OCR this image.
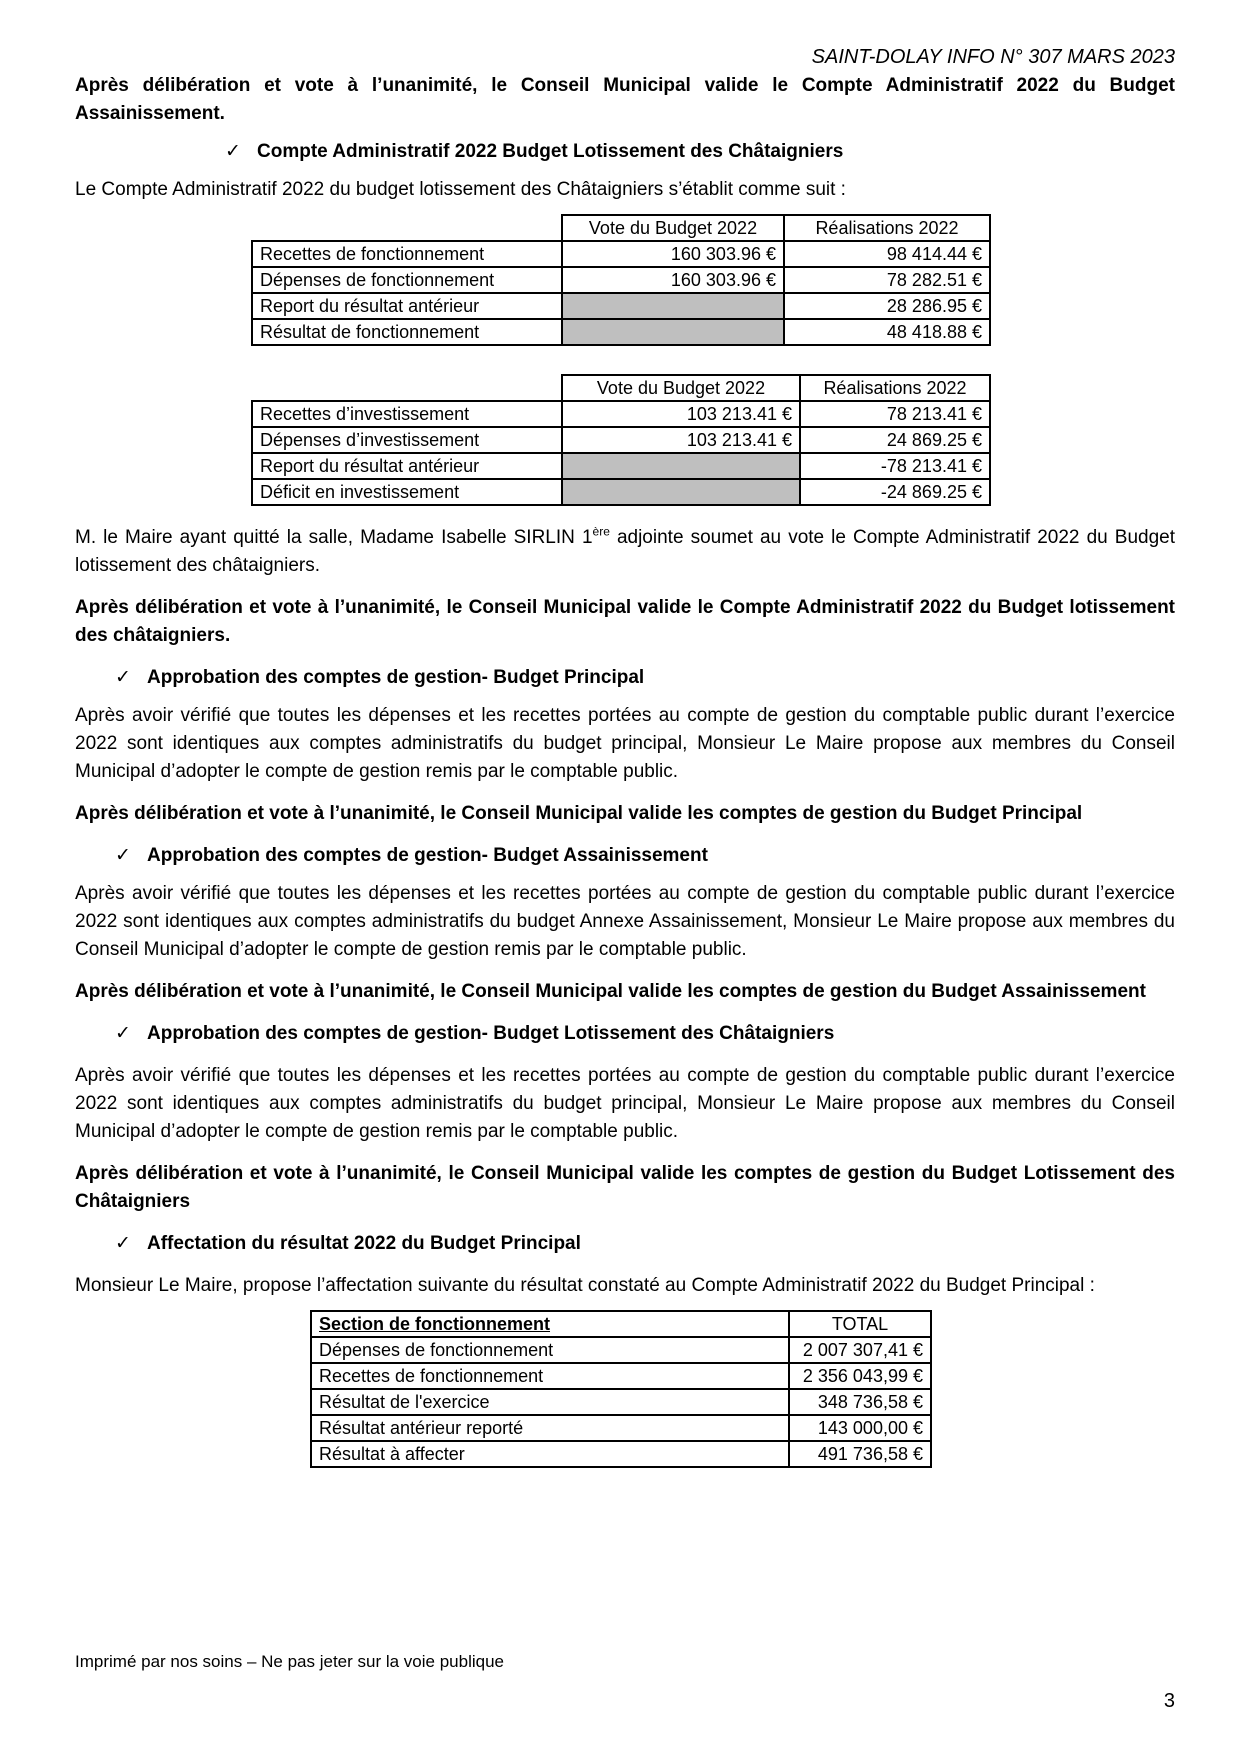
SAINT-DOLAY INFO N° 307 MARS 2023

Après délibération et vote à l’unanimité, le Conseil Municipal valide le Compte Administratif 2022 du Budget Assainissement.

✓ Compte Administratif 2022 Budget Lotissement des Châtaigniers

Le Compte Administratif 2022 du budget lotissement des Châtaigniers s’établit comme suit :

	Vote du Budget 2022	Réalisations 2022
Recettes de fonctionnement	160 303.96 €	98 414.44 €
Dépenses de fonctionnement	160 303.96 €	78 282.51 €
Report du résultat antérieur		28 286.95 €
Résultat de fonctionnement		48 418.88 €
	Vote du Budget 2022	Réalisations 2022
Recettes d’investissement	103 213.41 €	78 213.41 €
Dépenses d’investissement	103 213.41 €	24 869.25 €
Report du résultat antérieur		-78 213.41 €
Déficit en investissement		-24 869.25 €

M. le Maire ayant quitté la salle, Madame Isabelle SIRLIN 1ère adjointe soumet au vote le Compte Administratif 2022 du Budget lotissement des châtaigniers.

Après délibération et vote à l’unanimité, le Conseil Municipal valide le Compte Administratif 2022 du Budget lotissement des châtaigniers.

✓ Approbation des comptes de gestion- Budget Principal

Après avoir vérifié que toutes les dépenses et les recettes portées au compte de gestion du comptable public durant l’exercice 2022 sont identiques aux comptes administratifs du budget principal, Monsieur Le Maire propose aux membres du Conseil Municipal d’adopter le compte de gestion remis par le comptable public.

Après délibération et vote à l’unanimité, le Conseil Municipal valide les comptes de gestion du Budget Principal

✓ Approbation des comptes de gestion- Budget Assainissement

Après avoir vérifié que toutes les dépenses et les recettes portées au compte de gestion du comptable public durant l’exercice 2022 sont identiques aux comptes administratifs du budget Annexe Assainissement, Monsieur Le Maire propose aux membres du Conseil Municipal d’adopter le compte de gestion remis par le comptable public.

Après délibération et vote à l’unanimité, le Conseil Municipal valide les comptes de gestion du Budget Assainissement

✓ Approbation des comptes de gestion- Budget Lotissement des Châtaigniers

Après avoir vérifié que toutes les dépenses et les recettes portées au compte de gestion du comptable public durant l’exercice 2022 sont identiques aux comptes administratifs du budget principal, Monsieur Le Maire propose aux membres du Conseil Municipal d’adopter le compte de gestion remis par le comptable public.

Après délibération et vote à l’unanimité, le Conseil Municipal valide les comptes de gestion du Budget Lotissement des Châtaigniers

✓ Affectation du résultat 2022 du Budget Principal

Monsieur Le Maire, propose l’affectation suivante du résultat constaté au Compte Administratif 2022 du Budget Principal :

Section de fonctionnement	TOTAL
Dépenses de fonctionnement	2 007 307,41 €
Recettes de fonctionnement	2 356 043,99 €
Résultat de l'exercice	348 736,58 €
Résultat antérieur reporté	143 000,00 €
Résultat à affecter	491 736,58 €
Imprimé par nos soins – Ne pas jeter sur la voie publique
3
